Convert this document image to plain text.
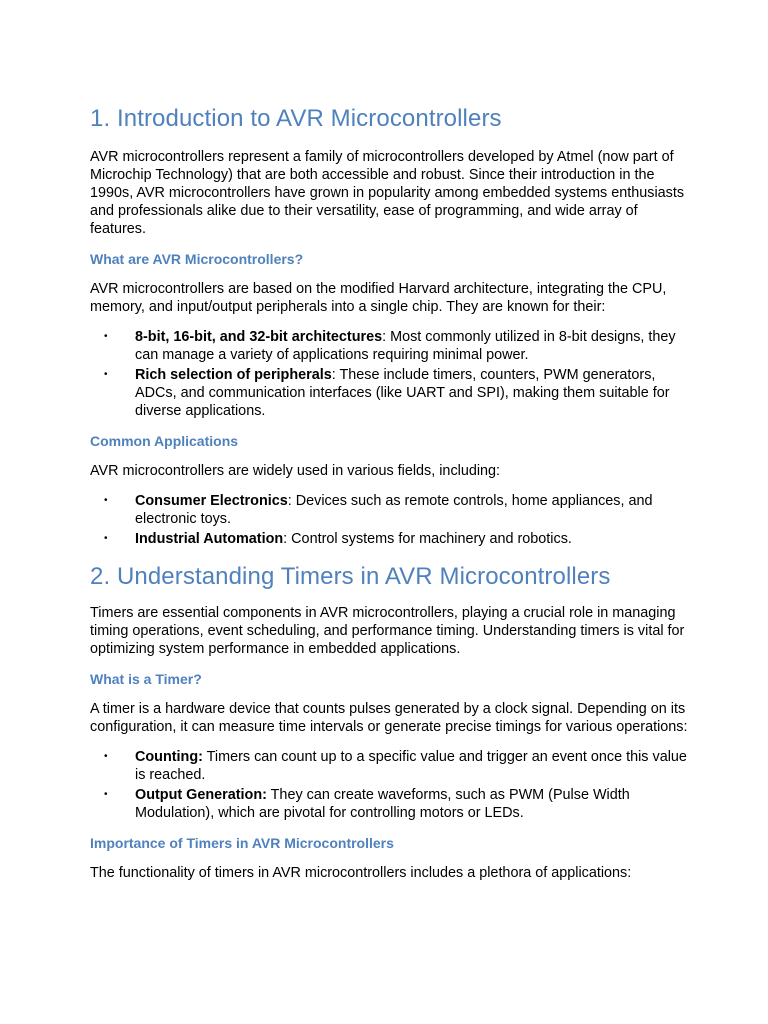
1. Introduction to AVR Microcontrollers

AVR microcontrollers represent a family of microcontrollers developed by Atmel (now part of Microchip Technology) that are both accessible and robust. Since their introduction in the 1990s, AVR microcontrollers have grown in popularity among embedded systems enthusiasts and professionals alike due to their versatility, ease of programming, and wide array of features.

What are AVR Microcontrollers?

AVR microcontrollers are based on the modified Harvard architecture, integrating the CPU, memory, and input/output peripherals into a single chip. They are known for their:

• 8-bit, 16-bit, and 32-bit architectures: Most commonly utilized in 8-bit designs, they can manage a variety of applications requiring minimal power.
• Rich selection of peripherals: These include timers, counters, PWM generators, ADCs, and communication interfaces (like UART and SPI), making them suitable for diverse applications.
Common Applications

AVR microcontrollers are widely used in various fields, including:

• Consumer Electronics: Devices such as remote controls, home appliances, and electronic toys.
• Industrial Automation: Control systems for machinery and robotics.
2. Understanding Timers in AVR Microcontrollers

Timers are essential components in AVR microcontrollers, playing a crucial role in managing timing operations, event scheduling, and performance timing. Understanding timers is vital for optimizing system performance in embedded applications.

What is a Timer?

A timer is a hardware device that counts pulses generated by a clock signal. Depending on its configuration, it can measure time intervals or generate precise timings for various operations:

• Counting: Timers can count up to a specific value and trigger an event once this value is reached.
• Output Generation: They can create waveforms, such as PWM (Pulse Width Modulation), which are pivotal for controlling motors or LEDs.
Importance of Timers in AVR Microcontrollers

The functionality of timers in AVR microcontrollers includes a plethora of applications:
